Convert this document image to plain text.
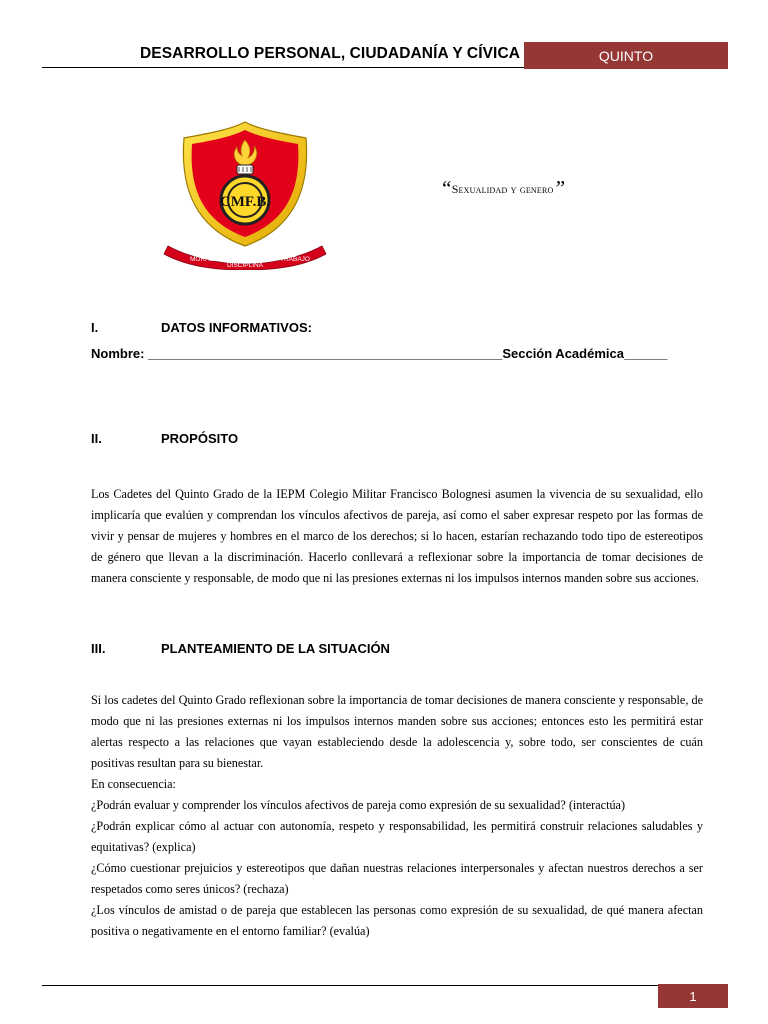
DESARROLLO PERSONAL, CIUDADANÍA Y CÍVICA	QUINTO
CMF.B.
MORALIDAD
DISCIPLINA
TRABAJO
“Sexualidad y genero”
I.	DATOS INFORMATIVOS:
Nombre: _________________________________________________Sección Académica______
II.	PROPÓSITO
Los Cadetes del Quinto Grado de la IEPM Colegio Militar Francisco Bolognesi asumen la vivencia de su sexualidad, ello implicaría que evalúen y comprendan los vínculos afectivos de pareja, así como el saber expresar respeto por las formas de vivir y pensar de mujeres y hombres en el marco de los derechos; si lo hacen, estarían rechazando todo tipo de estereotipos de género que llevan a la discriminación. Hacerlo conllevará a reflexionar sobre la importancia de tomar decisiones de manera consciente y responsable, de modo que ni las presiones externas ni los impulsos internos manden sobre sus acciones.
III.	PLANTEAMIENTO DE LA SITUACIÓN
Si los cadetes del Quinto Grado reflexionan sobre la importancia de tomar decisiones de manera consciente y responsable, de modo que ni las presiones externas ni los impulsos internos manden sobre sus acciones; entonces esto les permitirá estar alertas respecto a las relaciones que vayan estableciendo desde la adolescencia y, sobre todo, ser conscientes de cuán positivas resultan para su bienestar.
En consecuencia:
¿Podrán evaluar y comprender los vínculos afectivos de pareja como expresión de su sexualidad? (interactúa)
¿Podrán explicar cómo al actuar con autonomía, respeto y responsabilidad, les permitirá construir relaciones saludables y equitativas? (explica)
¿Cómo cuestionar prejuicios y estereotipos que dañan nuestras relaciones interpersonales y afectan nuestros derechos a ser respetados como seres únicos? (rechaza)
¿Los vínculos de amistad o de pareja que establecen las personas como expresión de su sexualidad, de qué manera afectan positiva o negativamente en el entorno familiar? (evalúa)
1
